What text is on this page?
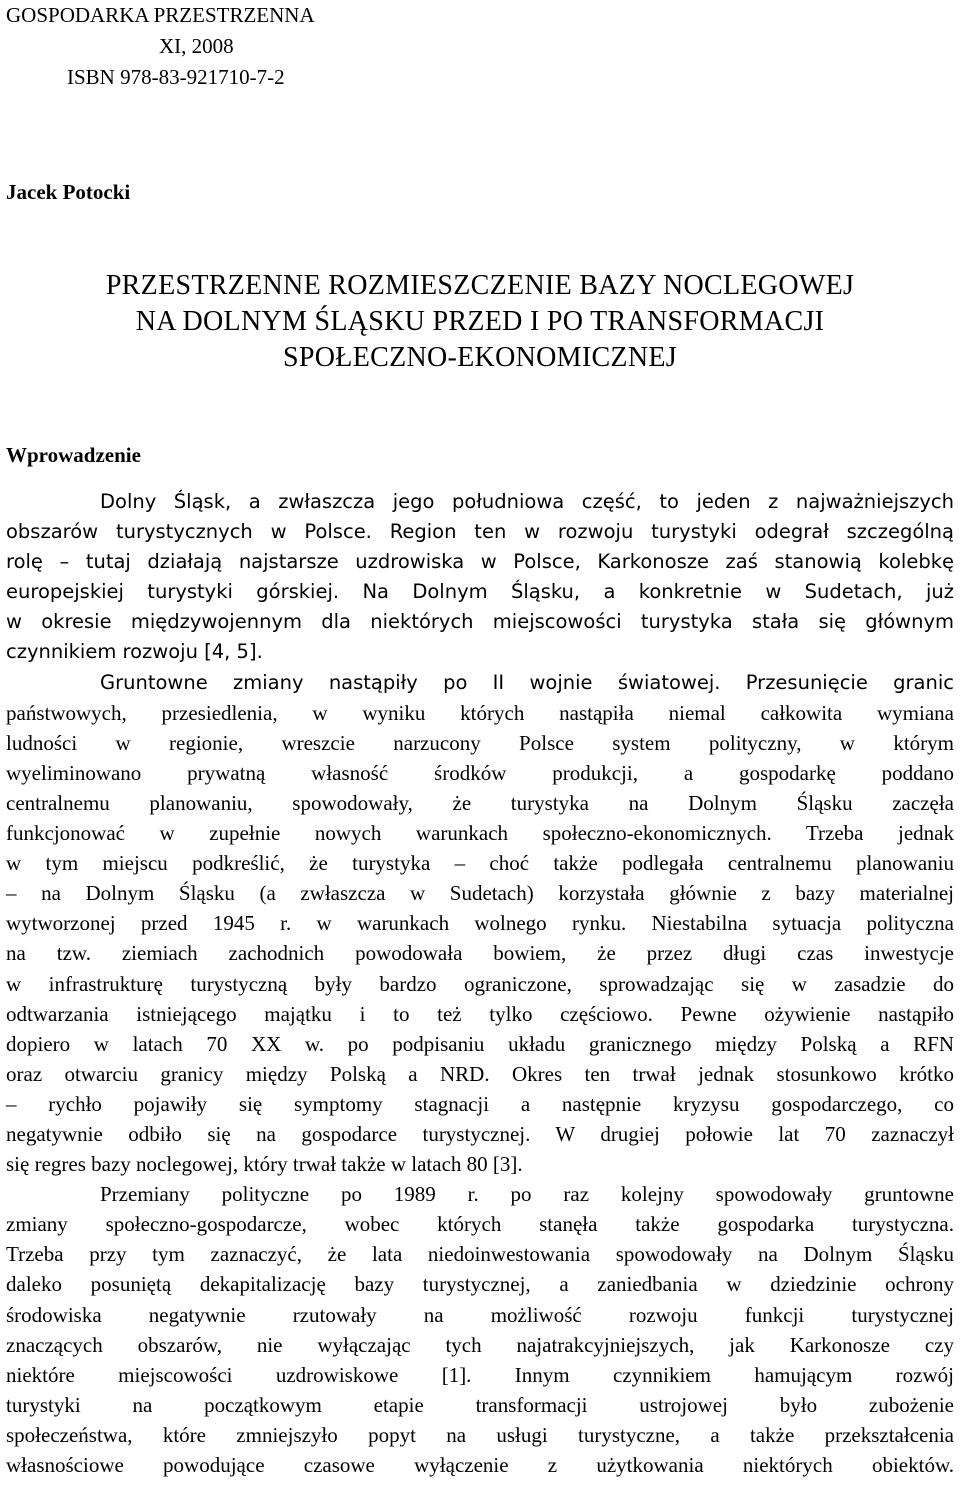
GOSPODARKA PRZESTRZENNA
XI, 2008
ISBN 978-83-921710-7-2
Jacek Potocki
PRZESTRZENNE ROZMIESZCZENIE BAZY NOCLEGOWEJ
NA DOLNYM ŚLĄSKU PRZED I PO TRANSFORMACJI
SPOŁECZNO-EKONOMICZNEJ
Wprowadzenie
Dolny Śląsk, a zwłaszcza jego południowa część, to jeden z najważniejszych
obszarów turystycznych w Polsce. Region ten w rozwoju turystyki odegrał szczególną
rolę – tutaj działają najstarsze uzdrowiska w Polsce, Karkonosze zaś stanowią kolebkę
europejskiej turystyki górskiej. Na Dolnym Śląsku, a konkretnie w Sudetach, już
w okresie międzywojennym dla niektórych miejscowości turystyka stała się głównym
czynnikiem rozwoju [4, 5].
Gruntowne zmiany nastąpiły po II wojnie światowej. Przesunięcie granic
państwowych, przesiedlenia, w wyniku których nastąpiła niemal całkowita wymiana
ludności w regionie, wreszcie narzucony Polsce system polityczny, w którym
wyeliminowano prywatną własność środków produkcji, a gospodarkę poddano
centralnemu planowaniu, spowodowały, że turystyka na Dolnym Śląsku zaczęła
funkcjonować w zupełnie nowych warunkach społeczno-ekonomicznych. Trzeba jednak
w tym miejscu podkreślić, że turystyka – choć także podlegała centralnemu planowaniu
– na Dolnym Śląsku (a zwłaszcza w Sudetach) korzystała głównie z bazy materialnej
wytworzonej przed 1945 r. w warunkach wolnego rynku. Niestabilna sytuacja polityczna
na tzw. ziemiach zachodnich powodowała bowiem, że przez długi czas inwestycje
w infrastrukturę turystyczną były bardzo ograniczone, sprowadzając się w zasadzie do
odtwarzania istniejącego majątku i to też tylko częściowo. Pewne ożywienie nastąpiło
dopiero w latach 70 XX w. po podpisaniu układu granicznego między Polską a RFN
oraz otwarciu granicy między Polską a NRD. Okres ten trwał jednak stosunkowo krótko
– rychło pojawiły się symptomy stagnacji a następnie kryzysu gospodarczego, co
negatywnie odbiło się na gospodarce turystycznej. W drugiej połowie lat 70 zaznaczył
się regres bazy noclegowej, który trwał także w latach 80 [3].
Przemiany polityczne po 1989 r. po raz kolejny spowodowały gruntowne
zmiany społeczno-gospodarcze, wobec których stanęła także gospodarka turystyczna.
Trzeba przy tym zaznaczyć, że lata niedoinwestowania spowodowały na Dolnym Śląsku
daleko posuniętą dekapitalizację bazy turystycznej, a zaniedbania w dziedzinie ochrony
środowiska negatywnie rzutowały na możliwość rozwoju funkcji turystycznej
znaczących obszarów, nie wyłączając tych najatrakcyjniejszych, jak Karkonosze czy
niektóre miejscowości uzdrowiskowe [1]. Innym czynnikiem hamującym rozwój
turystyki na początkowym etapie transformacji ustrojowej było zubożenie
społeczeństwa, które zmniejszyło popyt na usługi turystyczne, a także przekształcenia
własnościowe powodujące czasowe wyłączenie z użytkowania niektórych obiektów.
